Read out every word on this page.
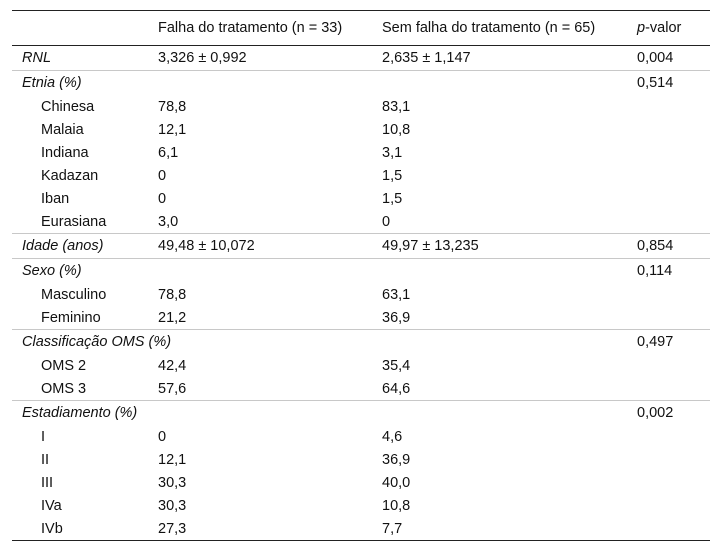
	Falha do tratamento (n = 33)	Sem falha do tratamento (n = 65)	p-valor
RNL	3,326 ± 0,992	2,635 ± 1,147	0,004
Etnia (%)			0,514
Chinesa	78,8	83,1	
Malaia	12,1	10,8	
Indiana	6,1	3,1	
Kadazan	0	1,5	
Iban	0	1,5	
Eurasiana	3,0	0	
Idade (anos)	49,48 ± 10,072	49,97 ± 13,235	0,854
Sexo (%)			0,114
Masculino	78,8	63,1	
Feminino	21,2	36,9	
Classificação OMS (%)			0,497
OMS 2	42,4	35,4	
OMS 3	57,6	64,6	
Estadiamento (%)			0,002
I	0	4,6	
II	12,1	36,9	
III	30,3	40,0	
IVa	30,3	10,8	
IVb	27,3	7,7	
